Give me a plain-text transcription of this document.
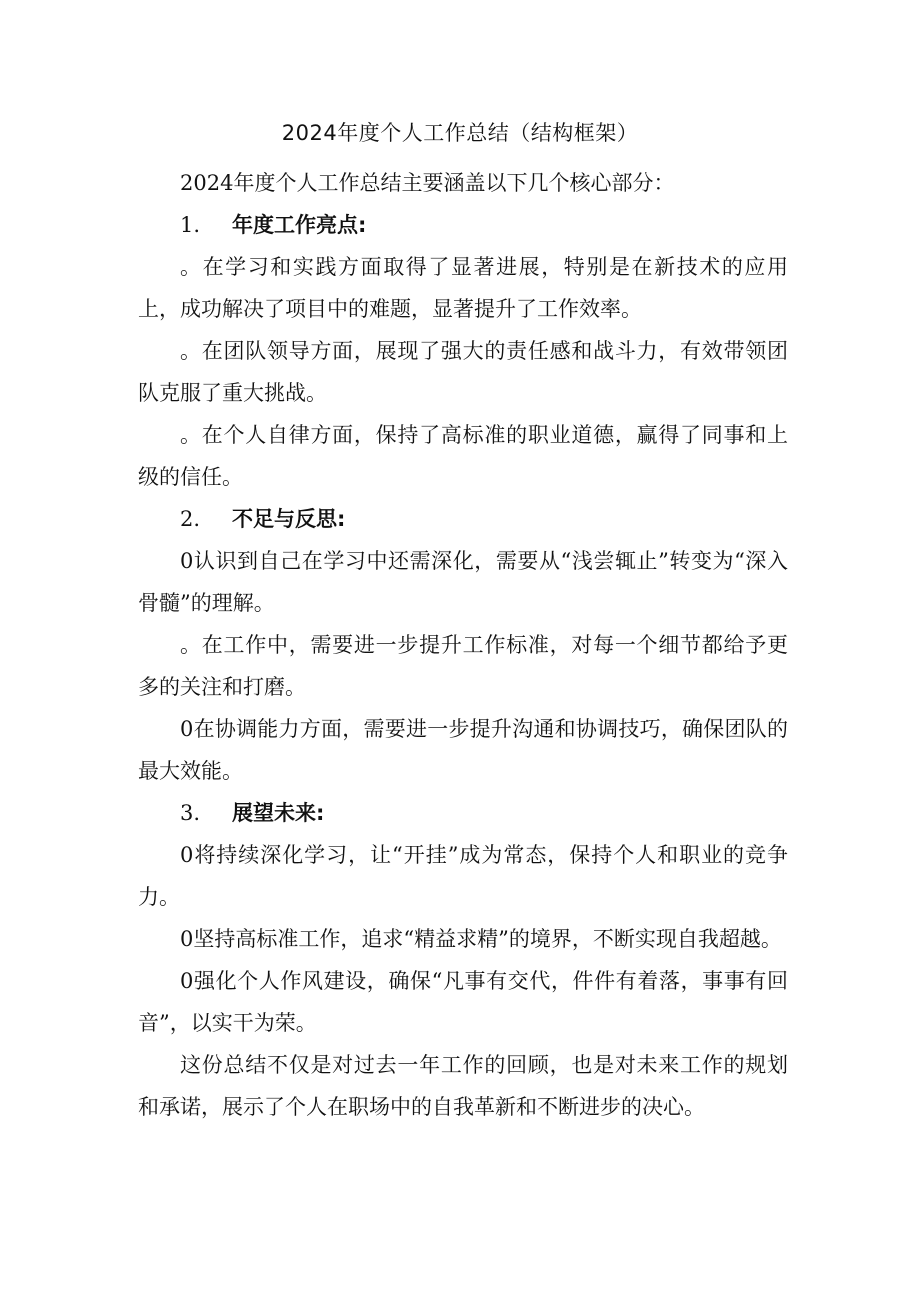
2024年度个人工作总结（结构框架）

2024年度个人工作总结主要涵盖以下几个核心部分：

1. 年度工作亮点:

。在学习和实践方面取得了显著进展，特别是在新技术的应用上，成功解决了项目中的难题，显著提升了工作效率。

。在团队领导方面，展现了强大的责任感和战斗力，有效带领团队克服了重大挑战。

。在个人自律方面，保持了高标准的职业道德，赢得了同事和上级的信任。

2. 不足与反思:

0认识到自己在学习中还需深化，需要从“浅尝辄止”转变为“深入骨髓”的理解。

。在工作中，需要进一步提升工作标准，对每一个细节都给予更多的关注和打磨。

0在协调能力方面，需要进一步提升沟通和协调技巧，确保团队的最大效能。

3. 展望未来:

0将持续深化学习，让“开挂”成为常态，保持个人和职业的竞争力。

0坚持高标准工作，追求“精益求精”的境界，不断实现自我超越。

0强化个人作风建设，确保“凡事有交代，件件有着落，事事有回音”，以实干为荣。

这份总结不仅是对过去一年工作的回顾，也是对未来工作的规划和承诺，展示了个人在职场中的自我革新和不断进步的决心。
